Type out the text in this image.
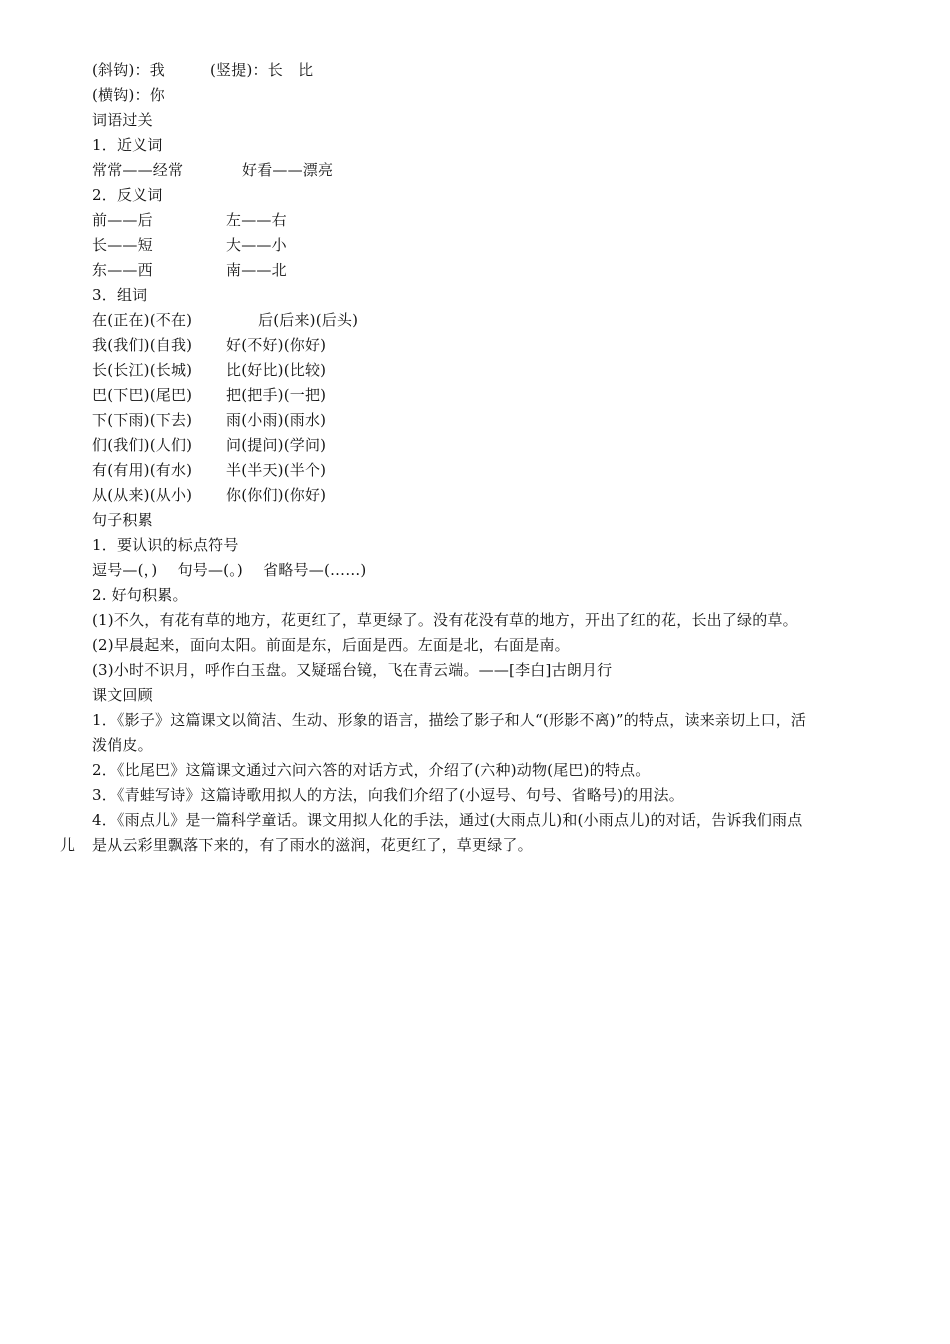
(斜钩)：我	(竖提)：长　比
(横钩)：你
词语过关
1．近义词
常常——经常	好看——漂亮
2．反义词
前——后	左——右
长——短	大——小
东——西	南——北
3．组词
在(正在)(不在)	后(后来)(后头)
我(我们)(自我) 好(不好)(你好)
长(长江)(长城) 比(好比)(比较)
巴(下巴)(尾巴) 把(把手)(一把)
下(下雨)(下去) 雨(小雨)(雨水)
们(我们)(人们) 问(提问)(学问)
有(有用)(有水) 半(半天)(半个)
从(从来)(从小) 你(你们)(你好)
句子积累
1．要认识的标点符号
逗号—(，)　 句号—(。)　 省略号—(……)
2. 好句积累。
(1)不久，有花有草的地方，花更红了，草更绿了。没有花没有草的地方，开出了红的花，长出了绿的草。
(2)早晨起来，面向太阳。前面是东，后面是西。左面是北，右面是南。
(3)小时不识月，呼作白玉盘。又疑瑶台镜，飞在青云端。——[李白]古朗月行
课文回顾
1．《影子》这篇课文以简洁、生动、形象的语言，描绘了影子和人“(形影不离)”的特点，读来亲切上口，活
泼俏皮。
2．《比尾巴》这篇课文通过六问六答的对话方式，介绍了(六种)动物(尾巴)的特点。
3．《青蛙写诗》这篇诗歌用拟人的方法，向我们介绍了(小逗号、句号、省略号)的用法。
4．《雨点儿》是一篇科学童话。课文用拟人化的手法，通过(大雨点儿)和(小雨点儿)的对话，告诉我们雨点
儿 是从云彩里飘落下来的，有了雨水的滋润，花更红了，草更绿了。
